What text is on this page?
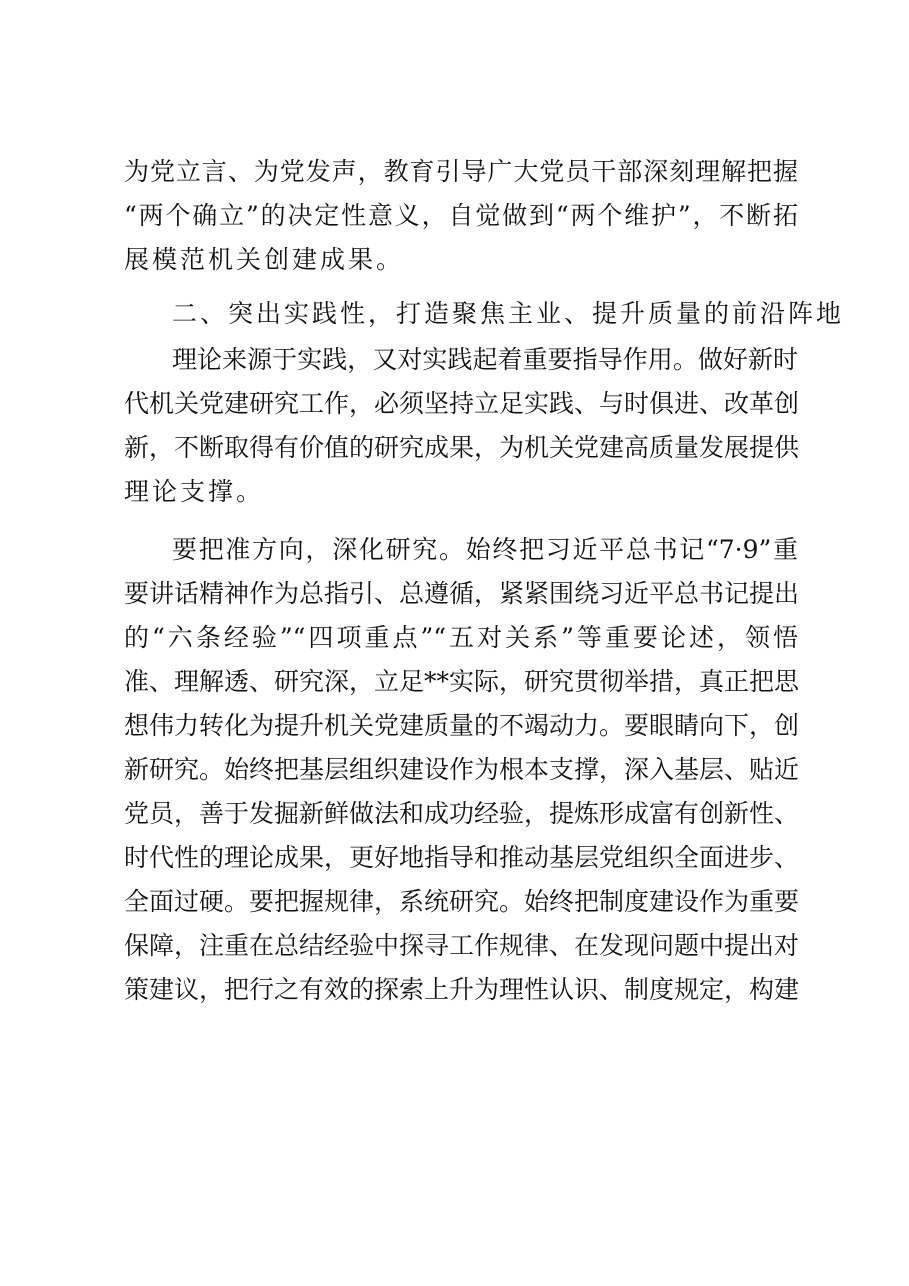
为党立言、为党发声，教育引导广大党员干部深刻理解把握
“两个确立”的决定性意义，自觉做到“两个维护”，不断拓
展模范机关创建成果。
二、突出实践性，打造聚焦主业、提升质量的前沿阵地
理论来源于实践，又对实践起着重要指导作用。做好新时
代机关党建研究工作，必须坚持立足实践、与时俱进、改革创
新，不断取得有价值的研究成果，为机关党建高质量发展提供
理论支撑。
要把准方向，深化研究。始终把习近平总书记“7·9”重
要讲话精神作为总指引、总遵循，紧紧围绕习近平总书记提出
的“六条经验”“四项重点”“五对关系”等重要论述，领悟
准、理解透、研究深，立足**实际，研究贯彻举措，真正把思
想伟力转化为提升机关党建质量的不竭动力。要眼睛向下，创
新研究。始终把基层组织建设作为根本支撑，深入基层、贴近
党员，善于发掘新鲜做法和成功经验，提炼形成富有创新性、
时代性的理论成果，更好地指导和推动基层党组织全面进步、
全面过硬。要把握规律，系统研究。始终把制度建设作为重要
保障，注重在总结经验中探寻工作规律、在发现问题中提出对
策建议，把行之有效的探索上升为理性认识、制度规定，构建
